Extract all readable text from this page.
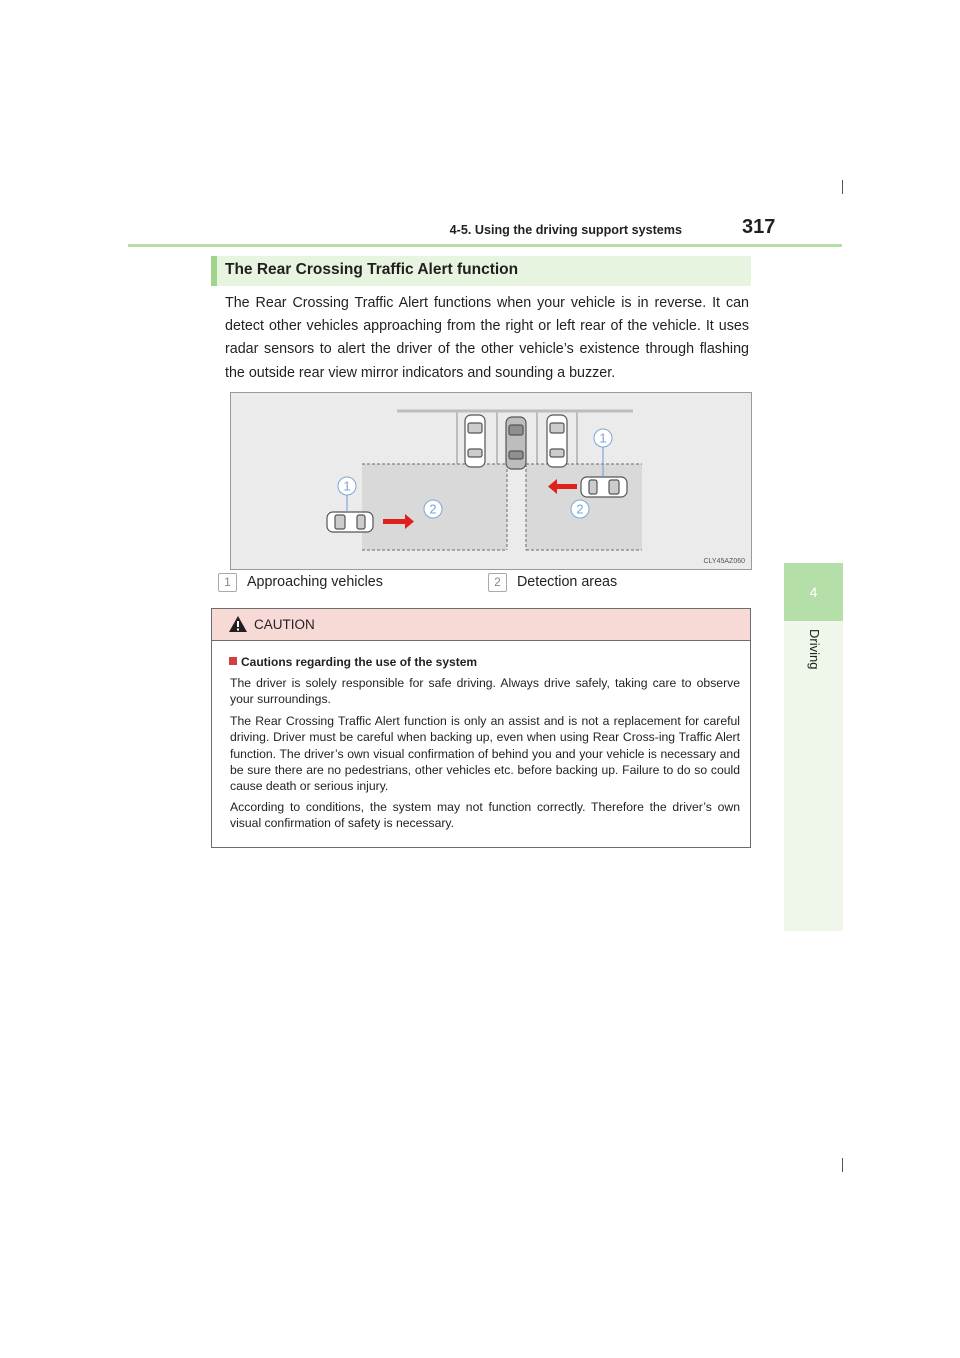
4-5. Using the driving support systems	317
4
Driving
The Rear Crossing Traffic Alert function
The Rear Crossing Traffic Alert functions when your vehicle is in reverse. It can detect other vehicles approaching from the right or left rear of the vehicle. It uses radar sensors to alert the driver of the other vehicle’s existence through flashing the outside rear view mirror indicators and sounding a buzzer.
1
2
1
2
CLY45AZ060
1 Approaching vehicles	2 Detection areas
CAUTION
Cautions regarding the use of the system
The driver is solely responsible for safe driving. Always drive safely, taking care to observe your surroundings.
The Rear Crossing Traffic Alert function is only an assist and is not a replacement for careful driving. Driver must be careful when backing up, even when using Rear Cross-ing Traffic Alert function. The driver’s own visual confirmation of behind you and your vehicle is necessary and be sure there are no pedestrians, other vehicles etc. before backing up. Failure to do so could cause death or serious injury.
According to conditions, the system may not function correctly. Therefore the driver’s own visual confirmation of safety is necessary.
